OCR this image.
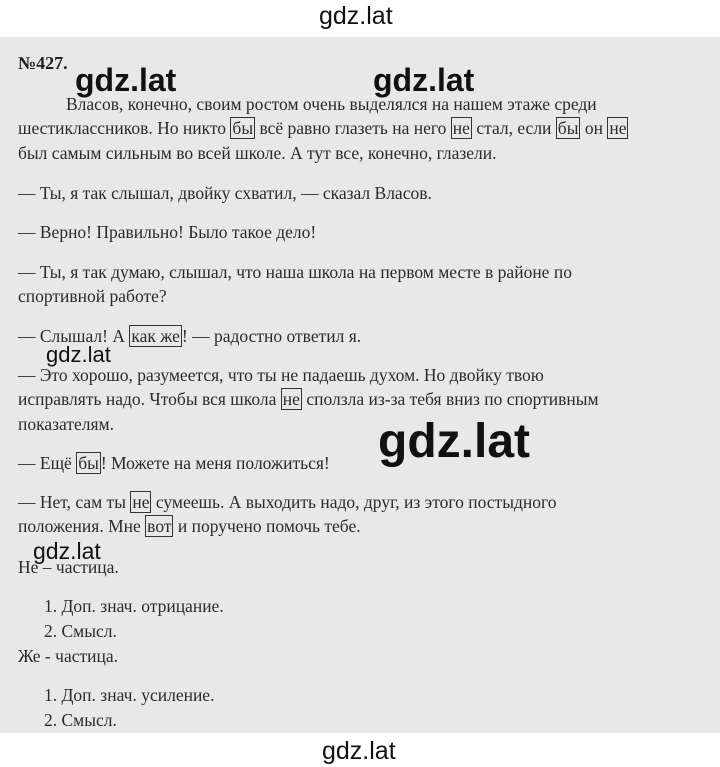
gdz.lat
№427. gdz.lat	gdz.lat
Власов, конечно, своим ростом очень выделялся на нашем этаже среди
шестиклассников. Но никто бы всё равно глазеть на него не стал, если бы он не
был самым сильным во всей школе. А тут все, конечно, глазели.
— Ты, я так слышал, двойку схватил, — сказал Власов.
— Верно! Правильно! Было такое дело!
— Ты, я так думаю, слышал, что наша школа на первом месте в районе по
спортивной работе?
— Слышал! А как же ! — радостно ответил я.
gdz.lat
— Это хорошо, разумеется, что ты не падаешь духом. Но двойку твою
исправлять надо. Чтобы вся школа не сползла из-за тебя вниз по спортивным
показателям.
— Ещё бы ! Можете на меня положиться! gdz.lat
— Нет, сам ты не сумеешь. А выходить надо, друг, из этого постыдного
положения. Мне вот и поручено помочь тебе.
gdz.lat
Не – частица.
1. Доп. знач. отрицание.
2. Смысл.
Же - частица.
1. Доп. знач. усиление.
2. Смысл.
gdz.lat
